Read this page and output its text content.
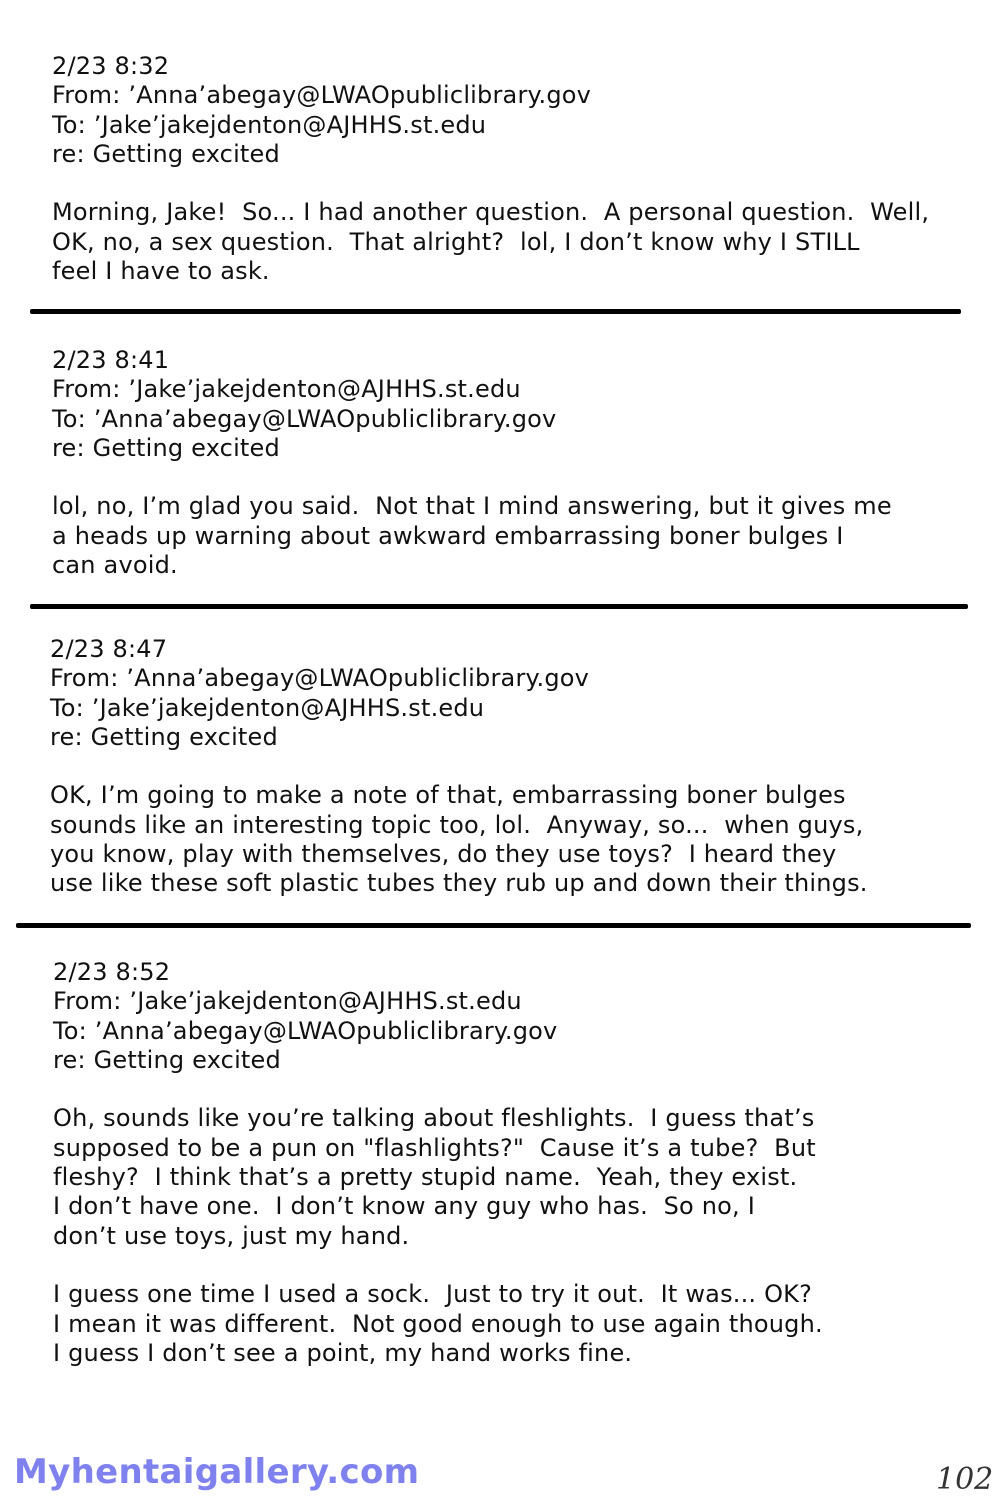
2/23 8:32
From: ’Anna’abegay@LWAOpubliclibrary.gov
To: ’Jake’jakejdenton@AJHHS.st.edu
re: Getting excited
Morning, Jake!  So... I had another question.  A personal question.  Well,
OK, no, a sex question.  That alright?  lol, I don’t know why I STILL
feel I have to ask.
2/23 8:41
From: ’Jake’jakejdenton@AJHHS.st.edu
To: ’Anna’abegay@LWAOpubliclibrary.gov
re: Getting excited
lol, no, I’m glad you said.  Not that I mind answering, but it gives me
a heads up warning about awkward embarrassing boner bulges I
can avoid.
2/23 8:47
From: ’Anna’abegay@LWAOpubliclibrary.gov
To: ’Jake’jakejdenton@AJHHS.st.edu
re: Getting excited
OK, I’m going to make a note of that, embarrassing boner bulges
sounds like an interesting topic too, lol.  Anyway, so...  when guys,
you know, play with themselves, do they use toys?  I heard they
use like these soft plastic tubes they rub up and down their things.
2/23 8:52
From: ’Jake’jakejdenton@AJHHS.st.edu
To: ’Anna’abegay@LWAOpubliclibrary.gov
re: Getting excited
Oh, sounds like you’re talking about fleshlights.  I guess that’s
supposed to be a pun on "flashlights?"  Cause it’s a tube?  But
fleshy?  I think that’s a pretty stupid name.  Yeah, they exist.
I don’t have one.  I don’t know any guy who has.  So no, I
don’t use toys, just my hand.
I guess one time I used a sock.  Just to try it out.  It was... OK?
I mean it was different.  Not good enough to use again though.
I guess I don’t see a point, my hand works fine.
Myhentaigallery.com	102
